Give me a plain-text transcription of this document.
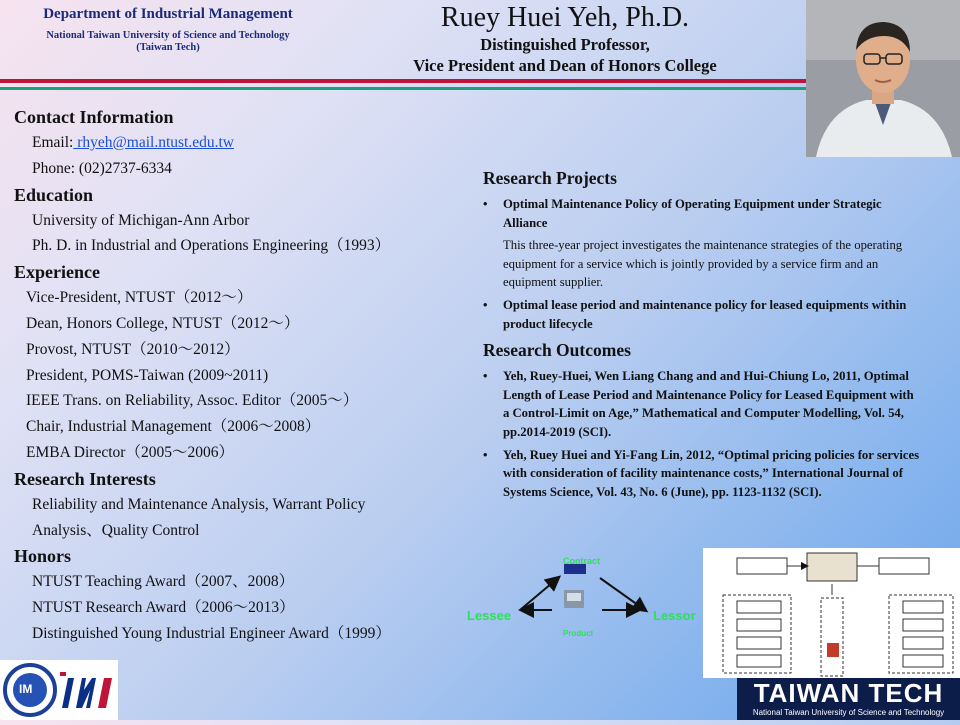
Department of Industrial Management
National Taiwan University of Science and Technology
(Taiwan Tech)
Ruey Huei Yeh, Ph.D.
Distinguished Professor,
Vice President and Dean of Honors College
Contact Information
Email: rhyeh@mail.ntust.edu.tw
Phone: (02)2737-6334
Education
University of Michigan-Ann Arbor
Ph. D. in Industrial and Operations Engineering（1993）
Experience
Vice-President, NTUST（2012～）
Dean, Honors College, NTUST（2012～）
Provost, NTUST（2010～2012）
President, POMS-Taiwan (2009~2011)
IEEE Trans. on Reliability, Assoc. Editor（2005～）
Chair, Industrial Management（2006～2008）
EMBA Director（2005～2006）
Research Interests
Reliability and Maintenance Analysis, Warrant Policy
Analysis、Quality Control
Honors
NTUST Teaching Award（2007、2008）
NTUST Research Award（2006～2013）
Distinguished Young Industrial Engineer Award（1999）
Research Projects
• Optimal Maintenance Policy of Operating Equipment under Strategic Alliance
This three-year project investigates the maintenance strategies of the operating equipment for a service which is jointly provided by a service firm and an equipment supplier.
• Optimal lease period and maintenance policy for leased equipments within product lifecycle
Research Outcomes
• Yeh, Ruey-Huei, Wen Liang Chang and and Hui-Chiung Lo, 2011, Optimal Length of Lease Period and Maintenance Policy for Leased Equipment with a Control-Limit on Age,” Mathematical and Computer Modelling, Vol. 54, pp.2014-2019 (SCI).
• Yeh, Ruey Huei and Yi-Fang Lin, 2012, “Optimal pricing policies for services with consideration of facility maintenance costs,” International Journal of Systems Science, Vol. 43, No. 6 (June), pp. 1123-1132 (SCI).
Contract
Lessee	Lessor
Product
IM	TAIWAN TECH
National Taiwan University of Science and Technology
